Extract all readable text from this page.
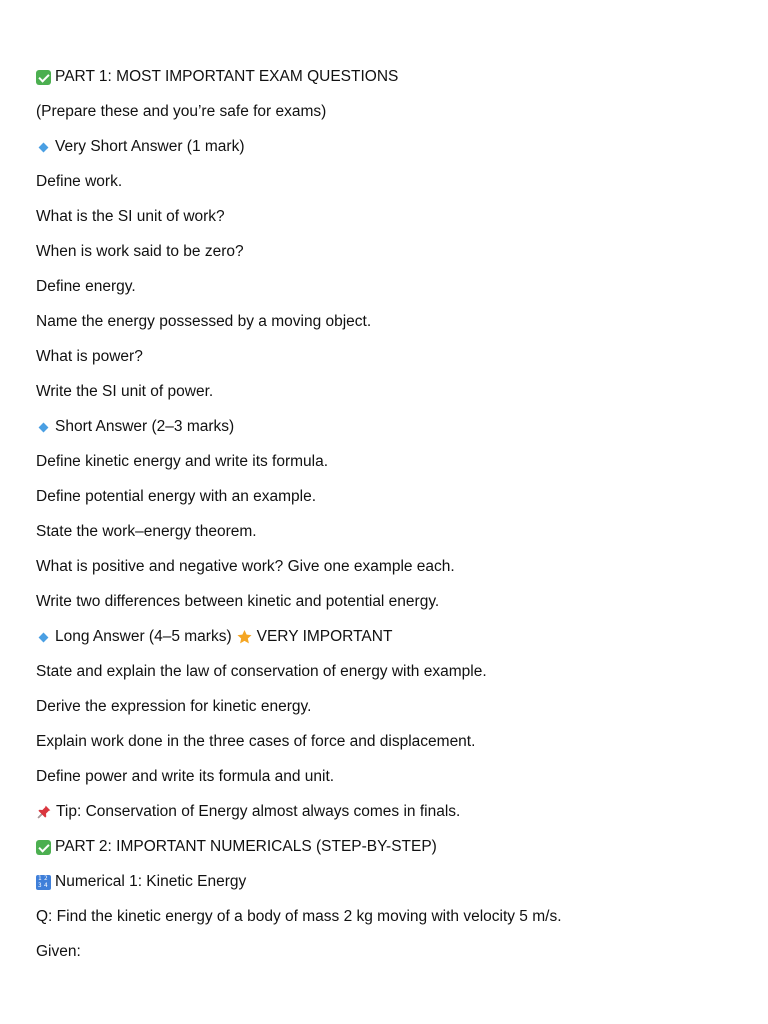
PART 1: MOST IMPORTANT EXAM QUESTIONS
(Prepare these and you’re safe for exams)
Very Short Answer (1 mark)
Define work.
What is the SI unit of work?
When is work said to be zero?
Define energy.
Name the energy possessed by a moving object.
What is power?
Write the SI unit of power.
Short Answer (2–3 marks)
Define kinetic energy and write its formula.
Define potential energy with an example.
State the work–energy theorem.
What is positive and negative work? Give one example each.
Write two differences between kinetic and potential energy.
Long Answer (4–5 marks) VERY IMPORTANT
State and explain the law of conservation of energy with example.
Derive the expression for kinetic energy.
Explain work done in the three cases of force and displacement.
Define power and write its formula and unit.
Tip: Conservation of Energy almost always comes in finals.
PART 2: IMPORTANT NUMERICALS (STEP-BY-STEP)
1 2
3 4 Numerical 1: Kinetic Energy
Q: Find the kinetic energy of a body of mass 2 kg moving with velocity 5 m/s.
Given:
